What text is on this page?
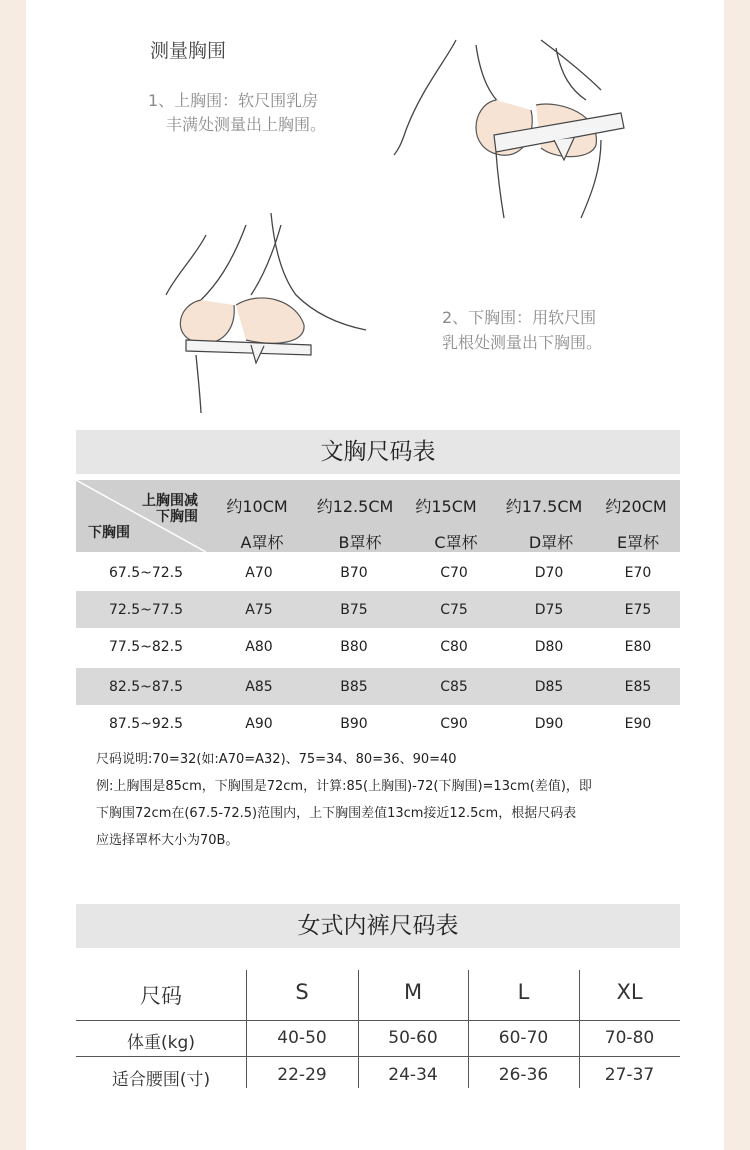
测量胸围
1、上胸围：软尺围乳房
丰满处测量出上胸围。
2、下胸围：用软尺围
乳根处测量出下胸围。
文胸尺码表
上胸围减
下胸围
下胸围
约10CM	约12.5CM	约15CM	约17.5CM	约20CM
A罩杯	B罩杯	C罩杯	D罩杯	E罩杯
67.5~72.5	A70	B70	C70	D70	E70
72.5~77.5	A75	B75	C75	D75	E75
77.5~82.5	A80	B80	C80	D80	E80
82.5~87.5	A85	B85	C85	D85	E85
87.5~92.5	A90	B90	C90	D90	E90
尺码说明:70=32(如:A70=A32)、75=34、80=36、90=40
例:上胸围是85cm，下胸围是72cm，计算:85(上胸围)-72(下胸围)=13cm(差值)，即
下胸围72cm在(67.5-72.5)范围内，上下胸围差值13cm接近12.5cm，根据尺码表
应选择罩杯大小为70B。
女式内裤尺码表
尺码	S	M	L	XL
体重(kg)	40-50	50-60	60-70	70-80
适合腰围(寸)	22-29	24-34	26-36	27-37
